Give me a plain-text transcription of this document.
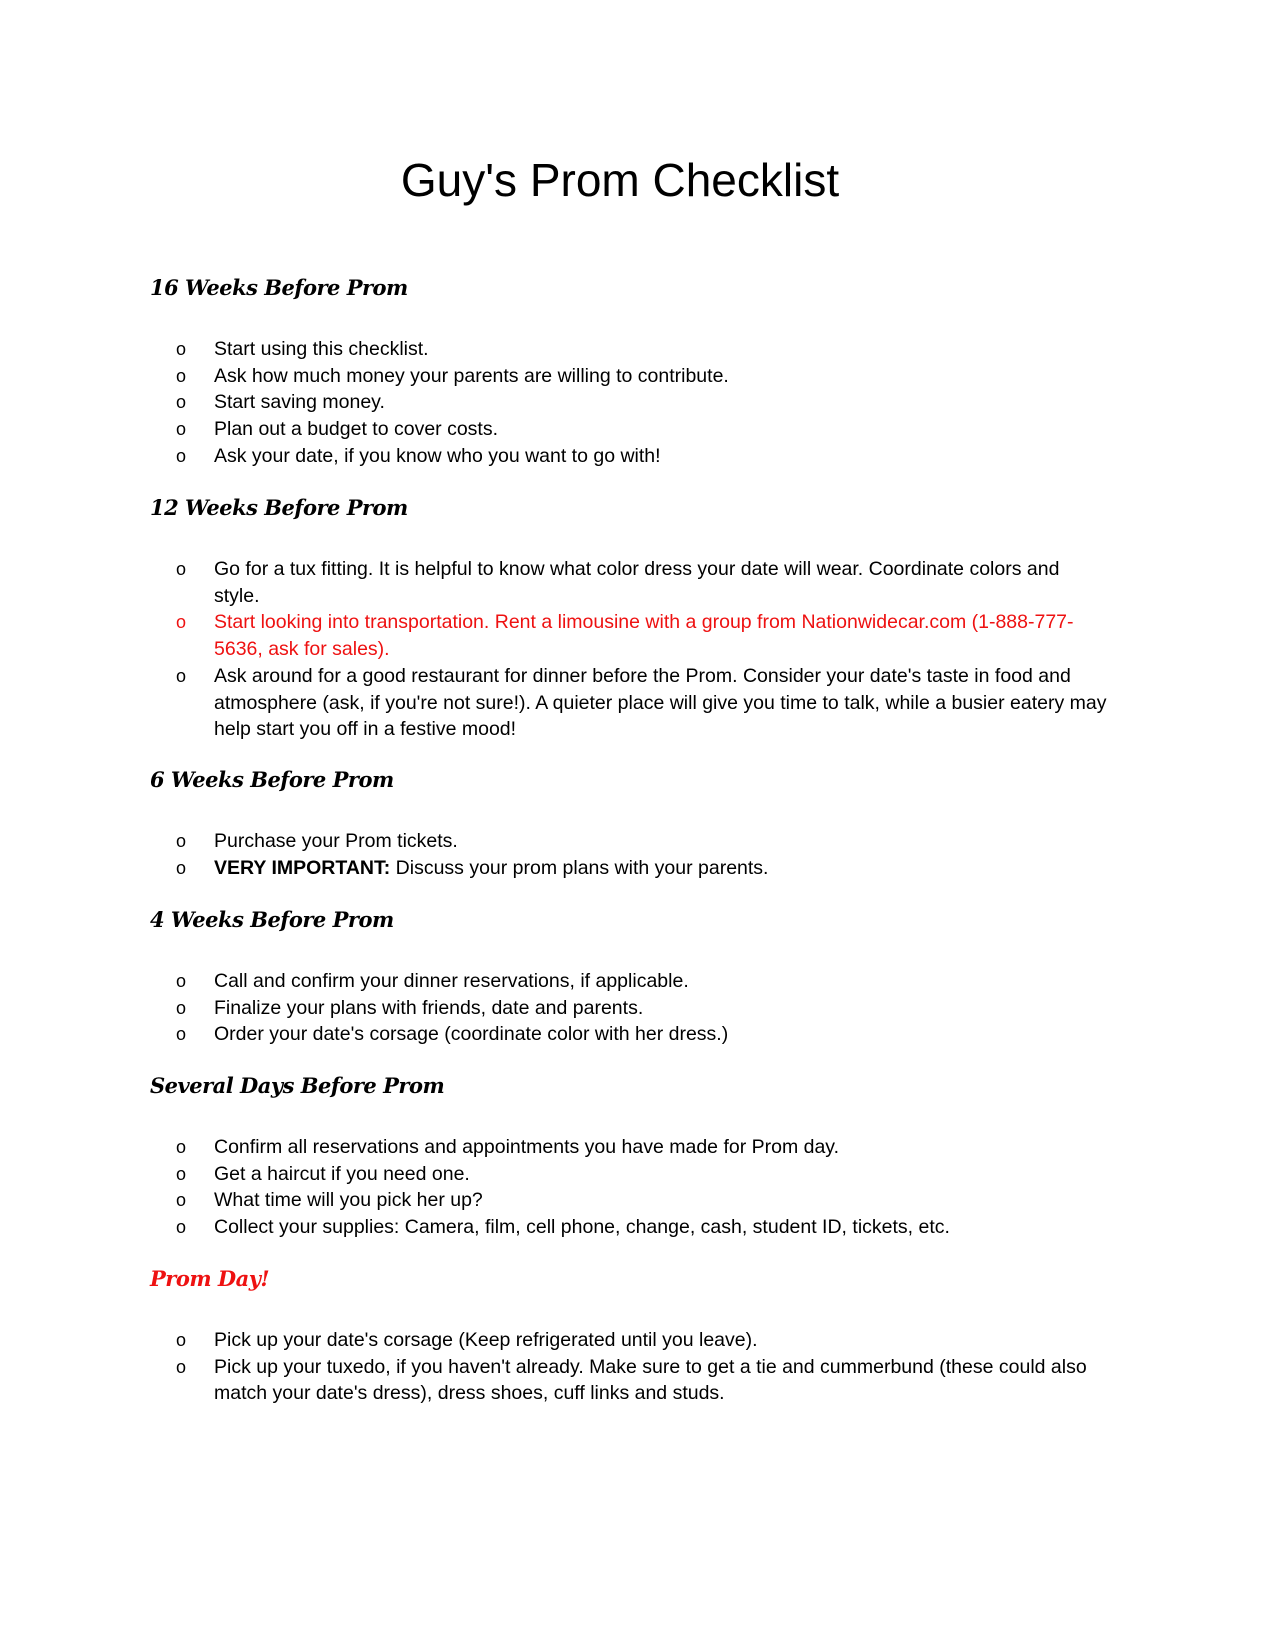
Guy's Prom Checklist
16 Weeks Before Prom
o Start using this checklist.
o Ask how much money your parents are willing to contribute.
o Start saving money.
o Plan out a budget to cover costs.
o Ask your date, if you know who you want to go with!
12 Weeks Before Prom
o Go for a tux fitting. It is helpful to know what color dress your date will wear. Coordinate colors and style.
o Start looking into transportation. Rent a limousine with a group from Nationwidecar.com (1-888-777-5636, ask for sales).
o Ask around for a good restaurant for dinner before the Prom. Consider your date's taste in food and atmosphere (ask, if you're not sure!). A quieter place will give you time to talk, while a busier eatery may help start you off in a festive mood!
6 Weeks Before Prom
o Purchase your Prom tickets.
o VERY IMPORTANT: Discuss your prom plans with your parents.
4 Weeks Before Prom
o Call and confirm your dinner reservations, if applicable.
o Finalize your plans with friends, date and parents.
o Order your date's corsage (coordinate color with her dress.)
Several Days Before Prom
o Confirm all reservations and appointments you have made for Prom day.
o Get a haircut if you need one.
o What time will you pick her up?
o Collect your supplies: Camera, film, cell phone, change, cash, student ID, tickets, etc.
Prom Day!
o Pick up your date's corsage (Keep refrigerated until you leave).
o Pick up your tuxedo, if you haven't already. Make sure to get a tie and cummerbund (these could also match your date's dress), dress shoes, cuff links and studs.
